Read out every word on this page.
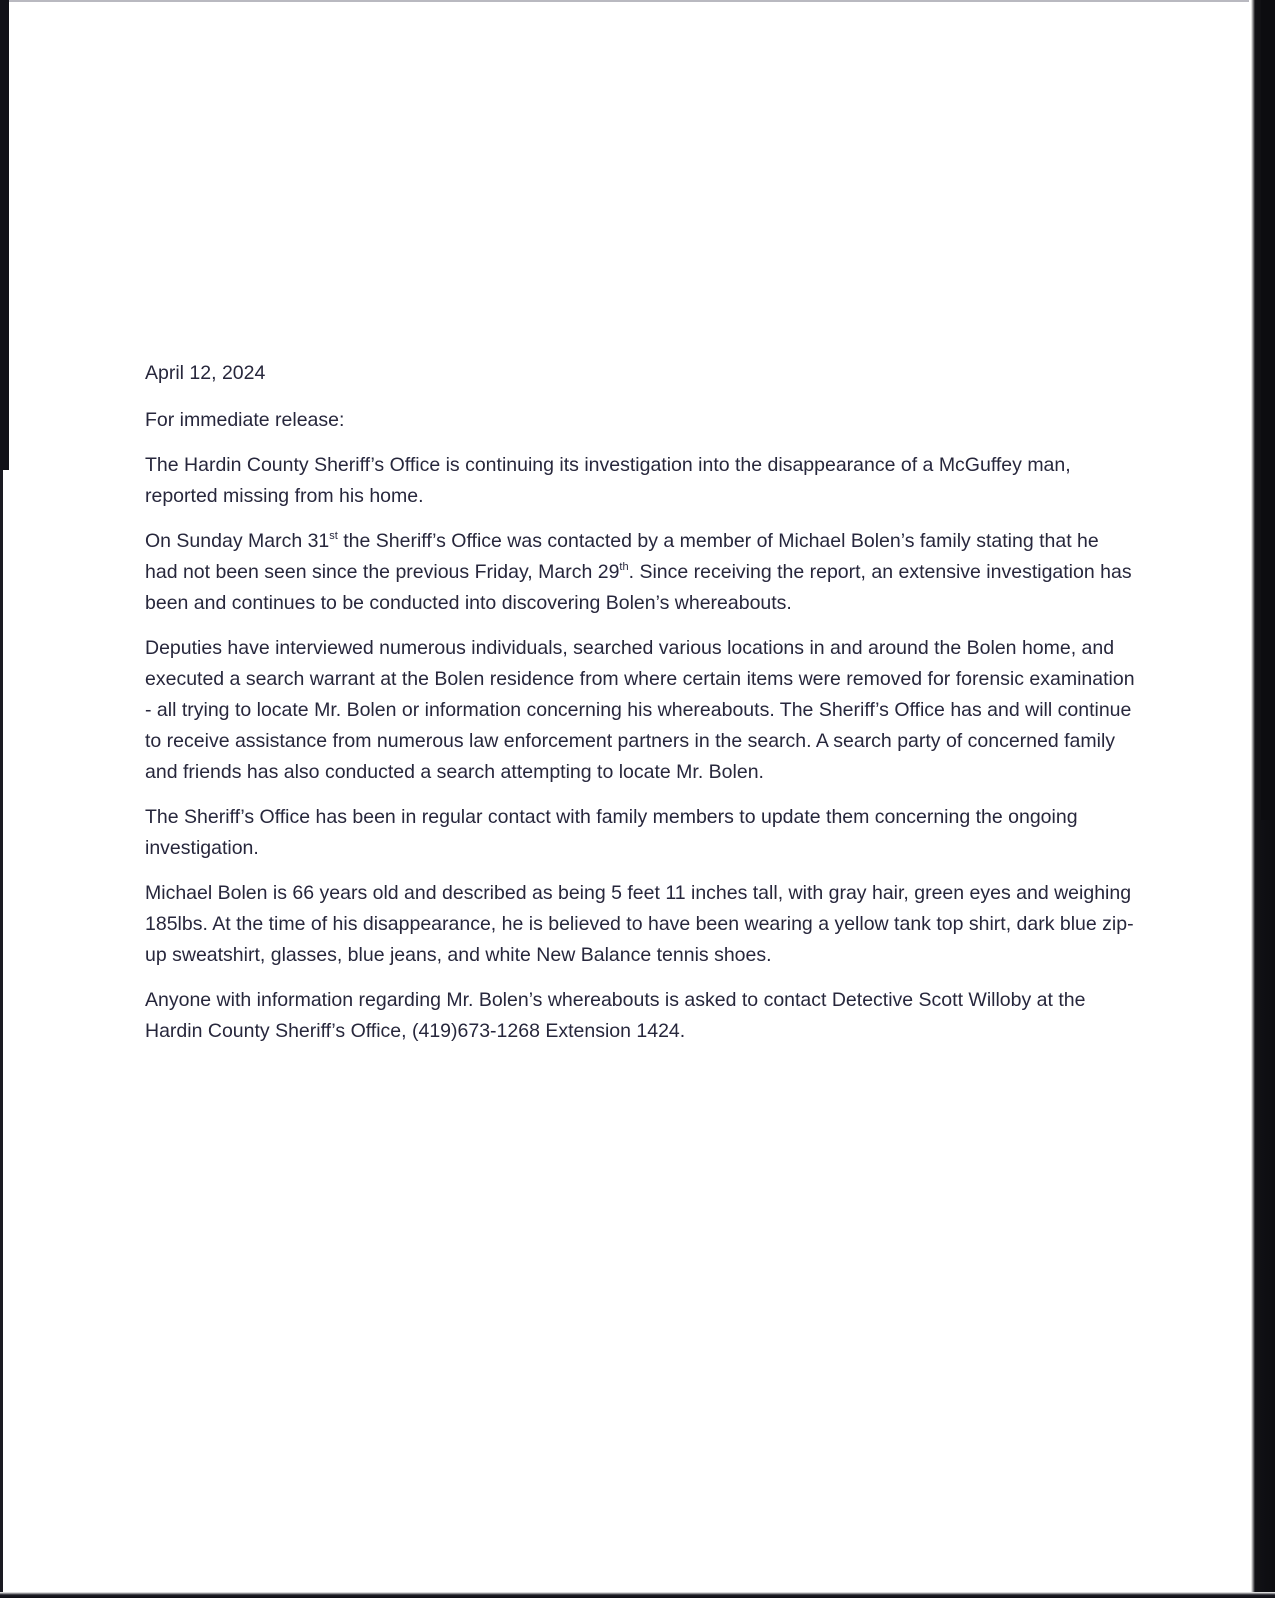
April 12, 2024

For immediate release:

The Hardin County Sheriff’s Office is continuing its investigation into the disappearance of a McGuffey man, reported missing from his home.

On Sunday March 31st the Sheriff’s Office was contacted by a member of Michael Bolen’s family stating that he had not been seen since the previous Friday, March 29th. Since receiving the report, an extensive investigation has been and continues to be conducted into discovering Bolen’s whereabouts.

Deputies have interviewed numerous individuals, searched various locations in and around the Bolen home, and executed a search warrant at the Bolen residence from where certain items were removed for forensic examination - all trying to locate Mr. Bolen or information concerning his whereabouts. The Sheriff’s Office has and will continue to receive assistance from numerous law enforcement partners in the search. A search party of concerned family and friends has also conducted a search attempting to locate Mr. Bolen.

The Sheriff’s Office has been in regular contact with family members to update them concerning the ongoing investigation.

Michael Bolen is 66 years old and described as being 5 feet 11 inches tall, with gray hair, green eyes and weighing 185lbs. At the time of his disappearance, he is believed to have been wearing a yellow tank top shirt, dark blue zip-up sweatshirt, glasses, blue jeans, and white New Balance tennis shoes.

Anyone with information regarding Mr. Bolen’s whereabouts is asked to contact Detective Scott Willoby at the Hardin County Sheriff’s Office, (419)673-1268 Extension 1424.
